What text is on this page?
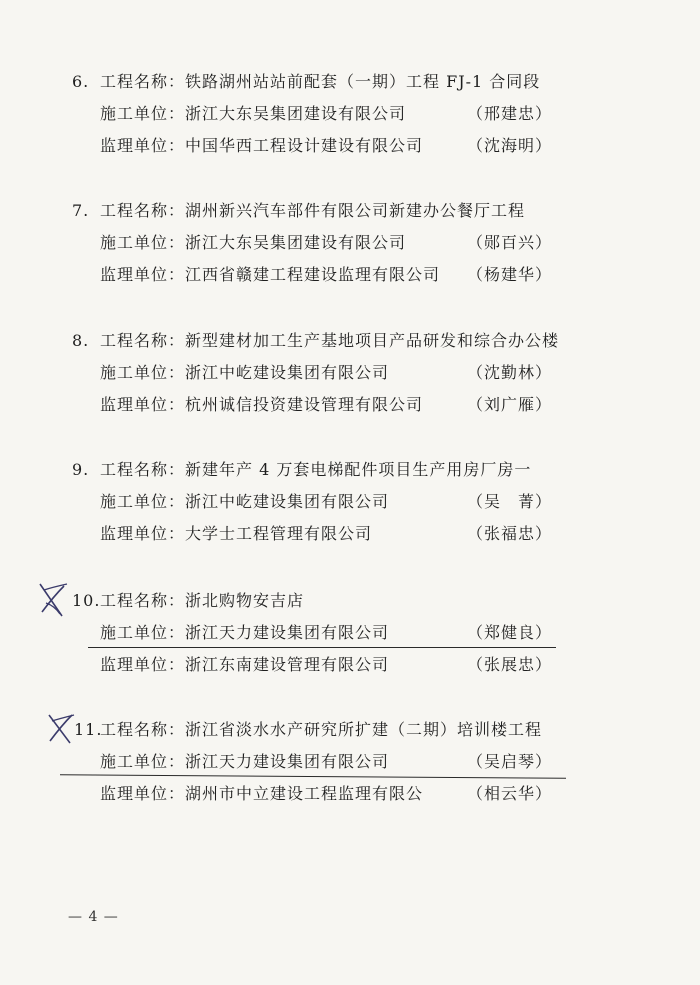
6. 工程名称：铁路湖州站站前配套（一期）工程 FJ-1 合同段
施工单位：浙江大东吴集团建设有限公司	（邢建忠）
监理单位：中国华西工程设计建设有限公司	（沈海明）
7. 工程名称：湖州新兴汽车部件有限公司新建办公餐厅工程
施工单位：浙江大东吴集团建设有限公司	（郧百兴）
监理单位：江西省赣建工程建设监理有限公司 （杨建华）
8. 工程名称：新型建材加工生产基地项目产品研发和综合办公楼
施工单位：浙江中屹建设集团有限公司	（沈勤林）
监理单位：杭州诚信投资建设管理有限公司	（刘广雁）
9. 工程名称：新建年产 4 万套电梯配件项目生产用房厂房一
施工单位：浙江中屹建设集团有限公司	（吴　菁）
监理单位：大学士工程管理有限公司	（张福忠）
10. 工程名称：浙北购物安吉店
施工单位：浙江天力建设集团有限公司	（郑健良）
监理单位：浙江东南建设管理有限公司	（张展忠）
11.
工程名称：浙江省淡水水产研究所扩建（二期）培训楼工程
施工单位：浙江天力建设集团有限公司	（吴启琴）
监理单位：湖州市中立建设工程监理有限公	（相云华）
— 4 —
